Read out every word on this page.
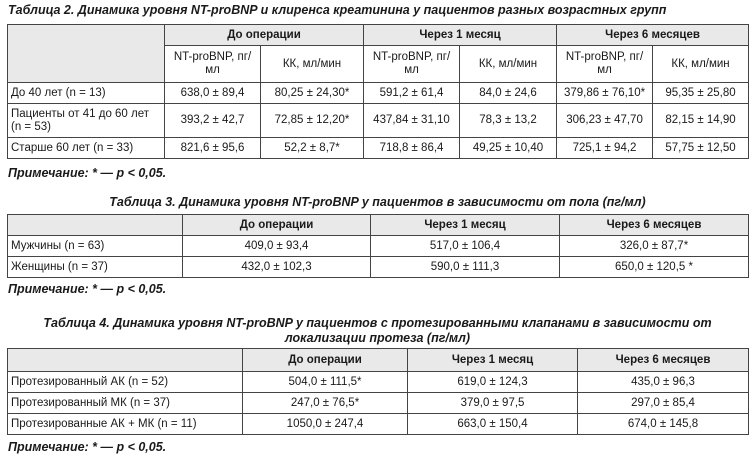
Таблица 2. Динамика уровня NT-proBNP и клиренса креатинина у пациентов разных возрастных групп
	До операции		Через 1 месяц		Через 6 месяцев	
	NT-proBNP, пг/мл	КК, мл/мин	NT-proBNP, пг/мл	КК, мл/мин	NT-proBNP, пг/мл	КК, мл/мин
До 40 лет (n = 13)	638,0 ± 89,4	80,25 ± 24,30*	591,2 ± 61,4	84,0 ± 24,6	379,86 ± 76,10*	95,35 ± 25,80
Пациенты от 41 до 60 лет (n = 53)	393,2 ± 42,7	72,85 ± 12,20*	437,84 ± 31,10	78,3 ± 13,2	306,23 ± 47,70	82,15 ± 14,90
Старше 60 лет (n = 33)	821,6 ± 95,6	52,2 ± 8,7*	718,8 ± 86,4	49,25 ± 10,40	725,1 ± 94,2	57,75 ± 12,50
Примечание: * — p < 0,05.
Таблица 3. Динамика уровня NT-proBNP у пациентов в зависимости от пола (пг/мл)
	До операции	Через 1 месяц	Через 6 месяцев
Мужчины (n = 63)	409,0 ± 93,4	517,0 ± 106,4	326,0 ± 87,7*
Женщины (n = 37)	432,0 ± 102,3	590,0 ± 111,3	650,0 ± 120,5 *
Примечание: * — p < 0,05.
Таблица 4. Динамика уровня NT-proBNP у пациентов с протезированными клапанами в зависимости от
локализации протеза (пг/мл)
	До операции	Через 1 месяц	Через 6 месяцев
Протезированный АК (n = 52)	504,0 ± 111,5*	619,0 ± 124,3	435,0 ± 96,3
Протезированный МК (n = 37)	247,0 ± 76,5*	379,0 ± 97,5	297,0 ± 85,4
Протезированные АК + МК (n = 11)	1050,0 ± 247,4	663,0 ± 150,4	674,0 ± 145,8
Примечание: * — p < 0,05.
